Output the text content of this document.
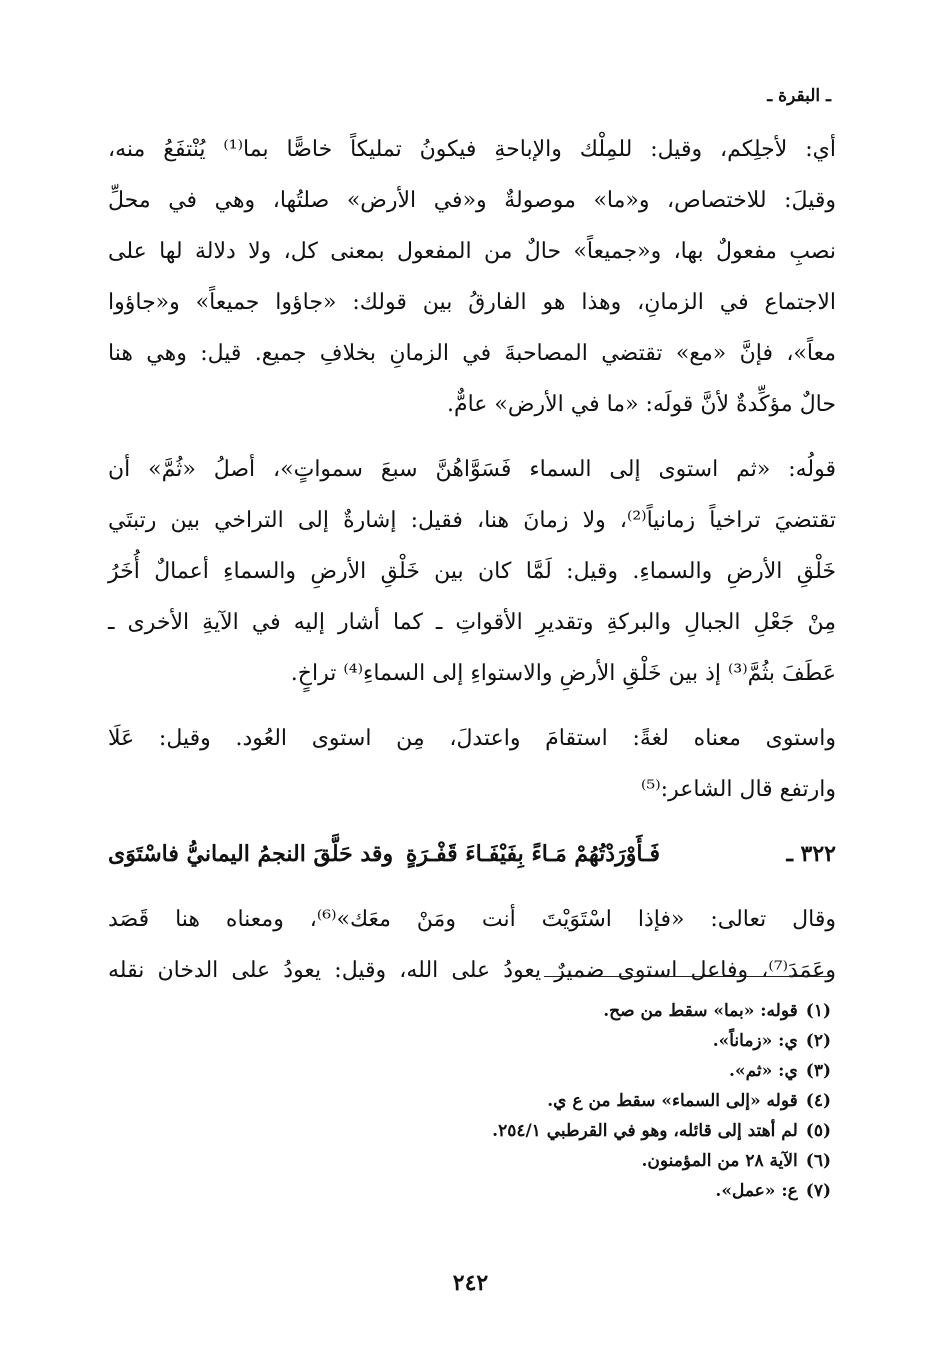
ـ البقرة ـ
أي: لأجلِكم، وقيل: للمِلْك والإباحةِ فيكونُ تمليكاً خاصًّا بما⁽¹⁾ يُنْتفَعُ منه،
وقيلَ: للاختصاص، و«ما» موصولةٌ و«في الأرض» صلتُها، وهي في محلِّ
نصبِ مفعولٌ بها، و«جميعاً» حالٌ من المفعول بمعنى كل، ولا دلالة لها على
الاجتماع في الزمانِ، وهذا هو الفارقُ بين قولك: «جاؤوا جميعاً» و«جاؤوا
معاً»، فإنَّ «مع» تقتضي المصاحبةَ في الزمانِ بخلافِ جميع. قيل: وهي هنا
حالٌ مؤكِّدةٌ لأنَّ قولَه: «ما في الأرض» عامٌّ.
قولُه: «ثم استوى إلى السماء فَسَوَّاهُنَّ سبعَ سمواتٍ»، أصلُ «ثُمَّ» أن
تقتضيَ تراخياً زمانياً⁽²⁾، ولا زمانَ هنا، فقيل: إشارةٌ إلى التراخي بين رتبتَي
خَلْقِ الأرضِ والسماءِ. وقيل: لَمَّا كان بين خَلْقِ الأرضِ والسماءِ أعمالٌ أُخَرُ
مِنْ جَعْلِ الجبالِ والبركةِ وتقديرِ الأقواتِ ـ كما أشار إليه في الآيةِ الأخرى ـ
عَطَفَ بثُمَّ⁽³⁾ إذ بين خَلْقِ الأرضِ والاستواءِ إلى السماءِ⁽⁴⁾ تراخٍ.
واستوى معناه لغةً: استقامَ واعتدلَ، مِن استوى العُود. وقيل: عَلَا
وارتفع قال الشاعر:⁽⁵⁾
٣٢٢ ـ
فَـأَوْرَدْتُهُمْ مَـاءً بِفَيْفَـاءَ قَفْـرَةٍ
وقد حَلَّقَ النجمُ اليمانيُّ فاسْتَوَى
وقال تعالى: «فإذا اسْتَوَيْتَ أنت ومَنْ معَك»⁽⁶⁾، ومعناه هنا قَصَد
وعَمَدَ⁽⁷⁾، وفاعل استوى ضميرٌ يعودُ على الله، وقيل: يعودُ على الدخان نقله
(١)قوله: «بما» سقط من صح.
(٢)ي: «زماناً».
(٣)ي: «ثم».
(٤)قوله «إلى السماء» سقط من ع ي.
(٥)لم أهتد إلى قائله، وهو في القرطبي ٢٥٤/١.
(٦)الآية ٢٨ من المؤمنون.
(٧)ع: «عمل».
٢٤٢
